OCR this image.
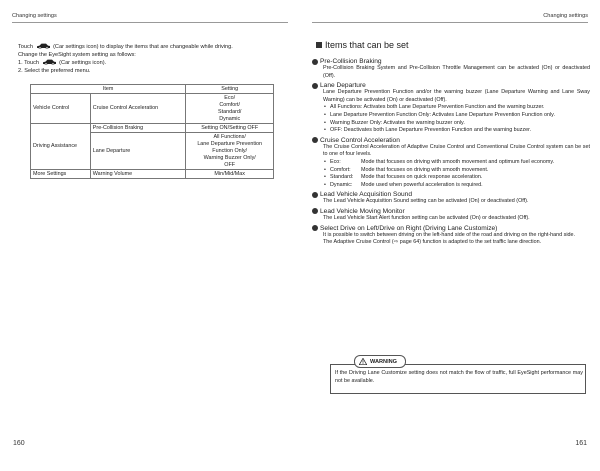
Changing settings
Touch	(Car settings icon) to display the items that are changeable while driving.
Change the EyeSight system setting as follows:
1. Touch	(Car settings icon).
2. Select the preferred menu.
Item		Setting
Vehicle Control	Cruise Control Acceleration	Eco/
Comfort/
Standard/
Dynamic

Driving Assistance	Pre-Collision Braking	Setting ON/Setting OFF
	Lane Departure	All Functions/
Lane Departure Prevention
Function Only/
Warning Buzzer Only/
OFF

More Settings	Warning Volume	Min/Mid/Max
160
Changing settings
Items that can be set
Pre-Collision Braking
Pre-Collision Braking System and Pre-Collision Throttle Management can be activated (On) or deactivated (Off).
Lane Departure
Lane Departure Prevention Function and/or the warning buzzer (Lane Departure Warning and Lane Sway Warning) can be activated (On) or deactivated (Off).
• All Functions: Activates both Lane Departure Prevention Function and the warning buzzer.
• Lane Departure Prevention Function Only: Activates Lane Departure Prevention Function only.
• Warning Buzzer Only: Activates the warning buzzer only.
• OFF: Deactivates both Lane Departure Prevention Function and the warning buzzer.
Cruise Control Acceleration
The Cruise Control Acceleration of Adaptive Cruise Control and Conventional Cruise Control system can be set to one of four levels.
• Eco:	Mode that focuses on driving with smooth movement and optimum fuel economy.
• Comfort:	Mode that focuses on driving with smooth movement.
• Standard:	Mode that focuses on quick response acceleration.
• Dynamic:	Mode used when powerful acceleration is required.
Lead Vehicle Acquisition Sound
The Lead Vehicle Acquisition Sound setting can be activated (On) or deactivated (Off).
Lead Vehicle Moving Monitor
The Lead Vehicle Start Alert function setting can be activated (On) or deactivated (Off).
Select Drive on Left/Drive on Right (Driving Lane Customize)
It is possible to switch between driving on the left-hand side of the road and driving on the right-hand side.
The Adaptive Cruise Control (⇨ page 64) function is adapted to the set traffic lane direction.
WARNING
If the Driving Lane Customize setting does not match the flow of traffic, full EyeSight performance may not be available.
161
